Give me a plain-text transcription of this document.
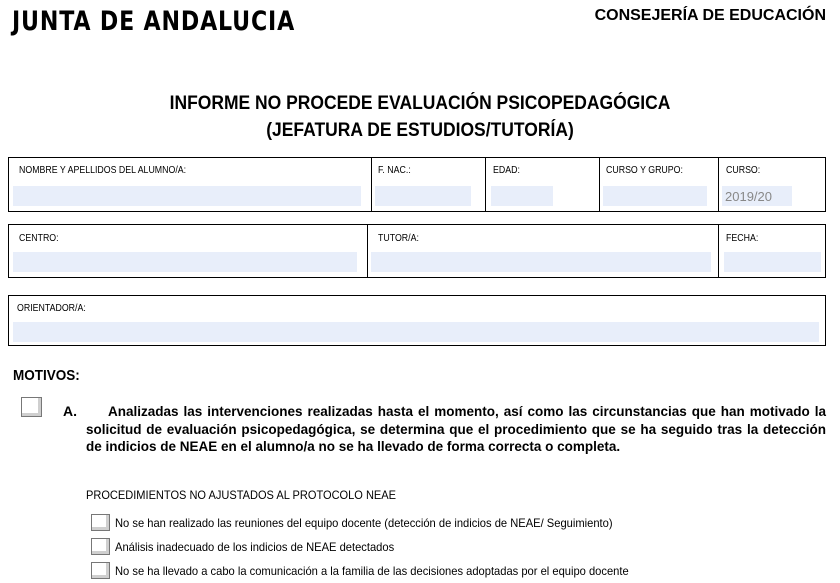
JUNTA DE ANDALUCIA	CONSEJERÍA DE EDUCACIÓN
INFORME NO PROCEDE EVALUACIÓN PSICOPEDAGÓGICA
(JEFATURA DE ESTUDIOS/TUTORÍA)
NOMBRE Y APELLIDOS DEL ALUMNO/A:	F. NAC.:	EDAD:	CURSO Y GRUPO:	CURSO:
2019/20
CENTRO:	TUTOR/A:	FECHA:
ORIENTADOR/A:
MOTIVOS:
A.	Analizadas las intervenciones realizadas hasta el momento, así como las circunstancias que han motivado la solicitud de evaluación psicopedagógica, se determina que el procedimiento que se ha seguido tras la detección de indicios de NEAE en el alumno/a no se ha llevado de forma correcta o completa.
PROCEDIMIENTOS NO AJUSTADOS AL PROTOCOLO NEAE
No se han realizado las reuniones del equipo docente (detección de indicios de NEAE/ Seguimiento)
Análisis inadecuado de los indicios de NEAE detectados
No se ha llevado a cabo la comunicación a la familia de las decisiones adoptadas por el equipo docente
